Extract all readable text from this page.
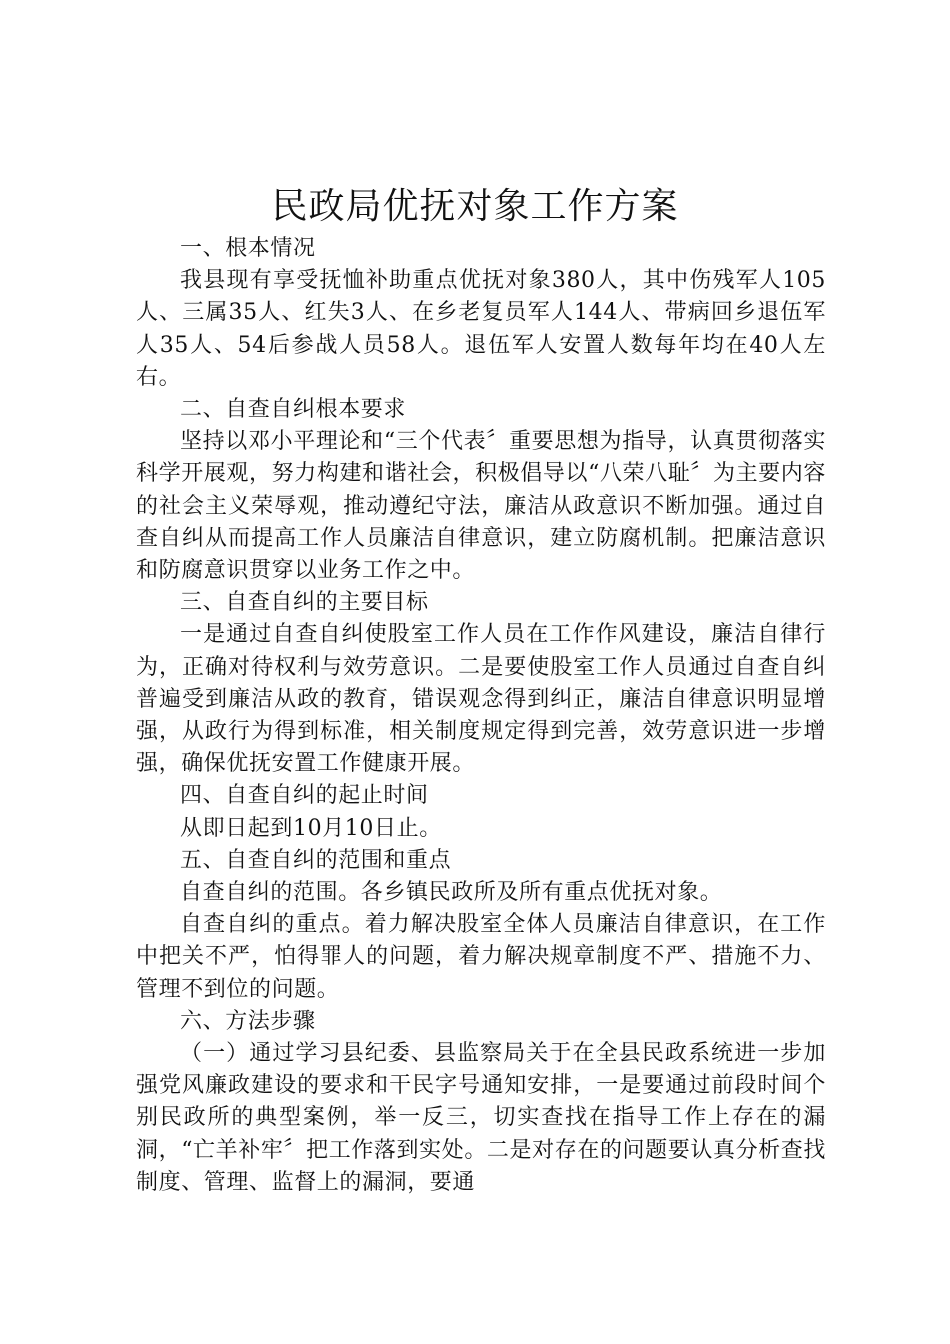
民政局优抚对象工作方案

一、根本情况

我县现有享受抚恤补助重点优抚对象380人，其中伤残军人105人、三属35人、红失3人、在乡老复员军人144人、带病回乡退伍军人35人、54后参战人员58人。退伍军人安置人数每年均在40人左右。

二、自查自纠根本要求

坚持以邓小平理论和“三个代表〞重要思想为指导，认真贯彻落实科学开展观，努力构建和谐社会，积极倡导以“八荣八耻〞为主要内容的社会主义荣辱观，推动遵纪守法，廉洁从政意识不断加强。通过自查自纠从而提高工作人员廉洁自律意识，建立防腐机制。把廉洁意识和防腐意识贯穿以业务工作之中。

三、自查自纠的主要目标

一是通过自查自纠使股室工作人员在工作作风建设，廉洁自律行为，正确对待权利与效劳意识。二是要使股室工作人员通过自查自纠普遍受到廉洁从政的教育，错误观念得到纠正，廉洁自律意识明显增强，从政行为得到标准，相关制度规定得到完善，效劳意识进一步增强，确保优抚安置工作健康开展。

四、自查自纠的起止时间

从即日起到10月10日止。

五、自查自纠的范围和重点

自查自纠的范围。各乡镇民政所及所有重点优抚对象。

自查自纠的重点。着力解决股室全体人员廉洁自律意识，在工作中把关不严，怕得罪人的问题，着力解决规章制度不严、措施不力、管理不到位的问题。

六、方法步骤

（一）通过学习县纪委、县监察局关于在全县民政系统进一步加强党风廉政建设的要求和干民字号通知安排，一是要通过前段时间个别民政所的典型案例，举一反三，切实查找在指导工作上存在的漏洞，“亡羊补牢〞把工作落到实处。二是对存在的问题要认真分析查找制度、管理、监督上的漏洞，要通
